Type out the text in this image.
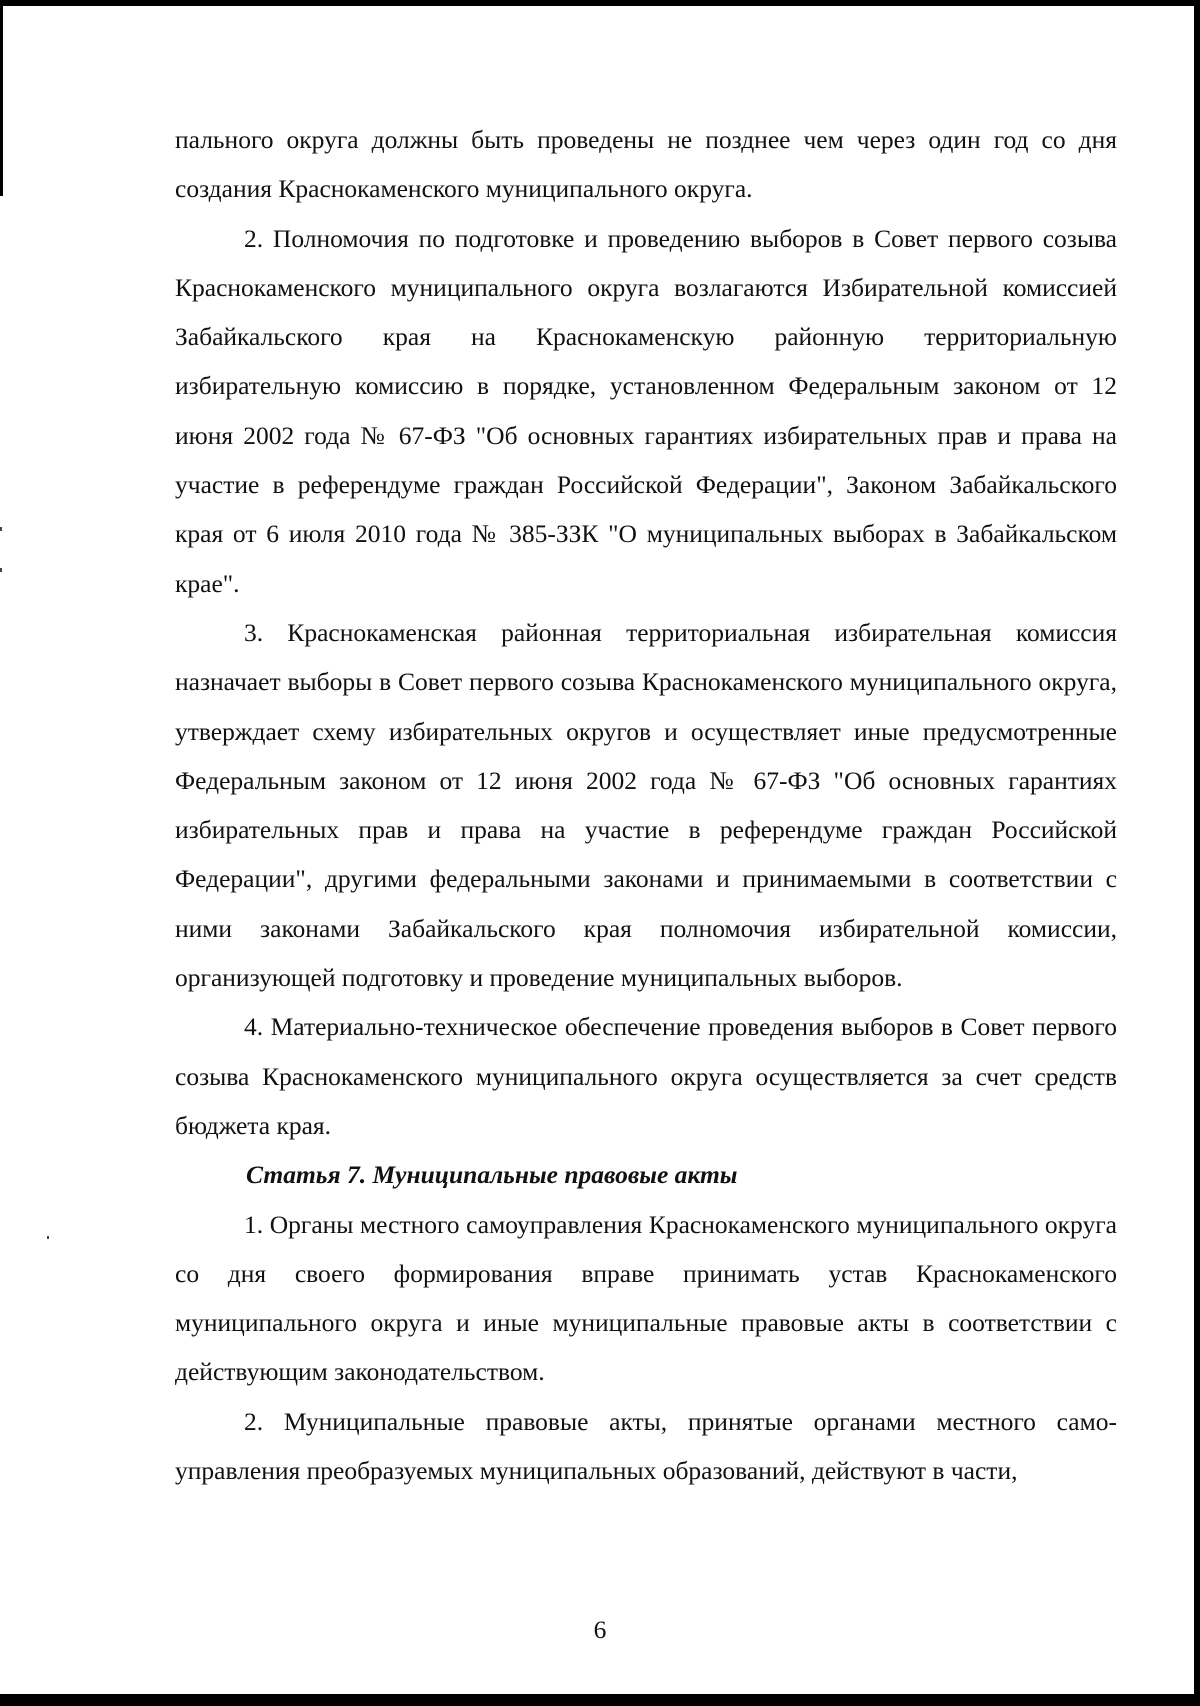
пального округа должны быть проведены не позднее чем через один год со дня создания Краснокаменского муниципального округа.

2. Полномочия по подготовке и проведению выборов в Совет первого созыва Краснокаменского муниципального округа возлагаются Избирательной комиссией Забайкальского края на Краснокаменскую районную территориальную избирательную комиссию в порядке, установленном Федеральным законом от 12 июня 2002 года № 67-ФЗ "Об основных гарантиях избирательных прав и права на участие в референдуме граждан Российской Федерации", Законом Забайкальского края от 6 июля 2010 года № 385-ЗЗК "О муниципальных выборах в Забайкальском крае".

3. Краснокаменская районная территориальная избирательная комиссия назначает выборы в Совет первого созыва Краснокаменского муниципального округа, утверждает схему избирательных округов и осуществляет иные предусмотренные Федеральным законом от 12 июня 2002 года № 67-ФЗ "Об основных гарантиях избирательных прав и права на участие в референдуме граждан Российской Федерации", другими федеральными законами и принимаемыми в соответствии с ними законами Забайкальского края полномочия избирательной комиссии, организующей подготовку и проведение муниципальных выборов.

4. Материально-техническое обеспечение проведения выборов в Совет первого созыва Краснокаменского муниципального округа осуществляется за счет средств бюджета края.

Статья 7. Муниципальные правовые акты

1. Органы местного самоуправления Краснокаменского муниципального округа со дня своего формирования вправе принимать устав Краснокаменского муниципального округа и иные муниципальные правовые акты в соответствии с действующим законодательством.

2. Муниципальные правовые акты, принятые органами местного самоуправления преобразуемых муниципальных образований, действуют в части,

6
